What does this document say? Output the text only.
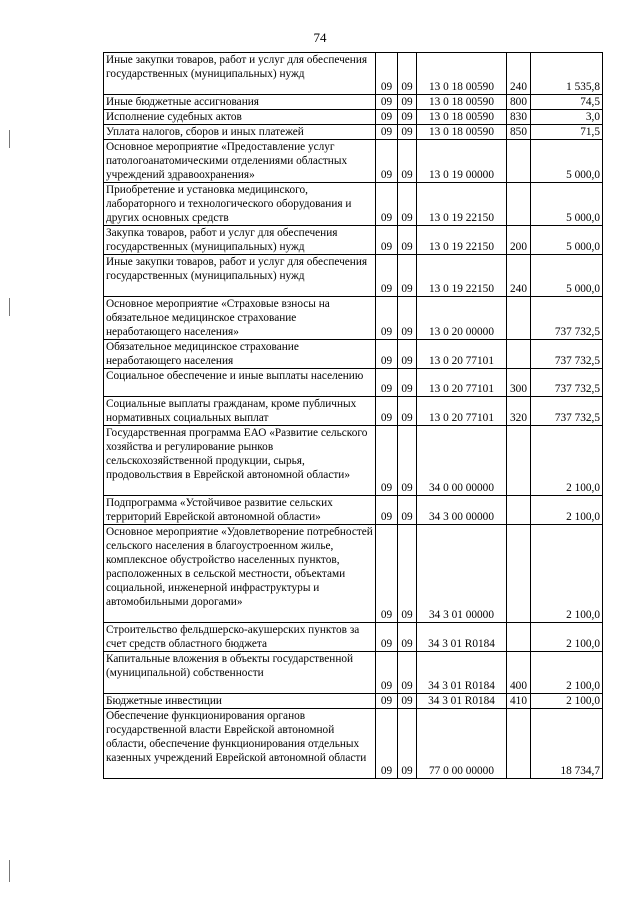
74
Иные закупки товаров, работ и услуг для обеспечения государственных (муниципальных) нужд	09	09	13 0 18 00590	240	1 535,8
Иные бюджетные ассигнования	09	09	13 0 18 00590	800	74,5
Исполнение судебных актов	09	09	13 0 18 00590	830	3,0
Уплата налогов, сборов и иных платежей	09	09	13 0 18 00590	850	71,5
Основное мероприятие «Предоставление услуг патологоанатомическими отделениями областных учреждений здравоохранения»	09	09	13 0 19 00000		5 000,0
Приобретение и установка медицинского, лабораторного и технологического оборудования и других основных средств	09	09	13 0 19 22150		5 000,0
Закупка товаров, работ и услуг для обеспечения государственных (муниципальных) нужд	09	09	13 0 19 22150	200	5 000,0
Иные закупки товаров, работ и услуг для обеспечения государственных (муниципальных) нужд	09	09	13 0 19 22150	240	5 000,0
Основное мероприятие «Страховые взносы на обязательное медицинское страхование неработающего населения»	09	09	13 0 20 00000		737 732,5
Обязательное медицинское страхование неработающего населения	09	09	13 0 20 77101		737 732,5
Социальное обеспечение и иные выплаты населению	09	09	13 0 20 77101	300	737 732,5
Социальные выплаты гражданам, кроме публичных нормативных социальных выплат	09	09	13 0 20 77101	320	737 732,5
Государственная программа ЕАО «Развитие сельского хозяйства и регулирование рынков сельскохозяйственной продукции, сырья, продовольствия в Еврейской автономной области»	09	09	34 0 00 00000		2 100,0
Подпрограмма «Устойчивое развитие сельских территорий Еврейской автономной области»	09	09	34 3 00 00000		2 100,0
Основное мероприятие «Удовлетворение потребностей сельского населения в благоустроенном жилье, комплексное обустройство населенных пунктов, расположенных в сельской местности, объектами социальной, инженерной инфраструктуры и автомобильными дорогами»	09	09	34 3 01 00000		2 100,0
Строительство фельдшерско-акушерских пунктов за счет средств областного бюджета	09	09	34 3 01 R0184		2 100,0
Капитальные вложения в объекты государственной (муниципальной) собственности	09	09	34 3 01 R0184	400	2 100,0
Бюджетные инвестиции	09	09	34 3 01 R0184	410	2 100,0
Обеспечение функционирования органов государственной власти Еврейской автономной области, обеспечение функционирования отдельных казенных учреждений Еврейской автономной области	09	09	77 0 00 00000		18 734,7
